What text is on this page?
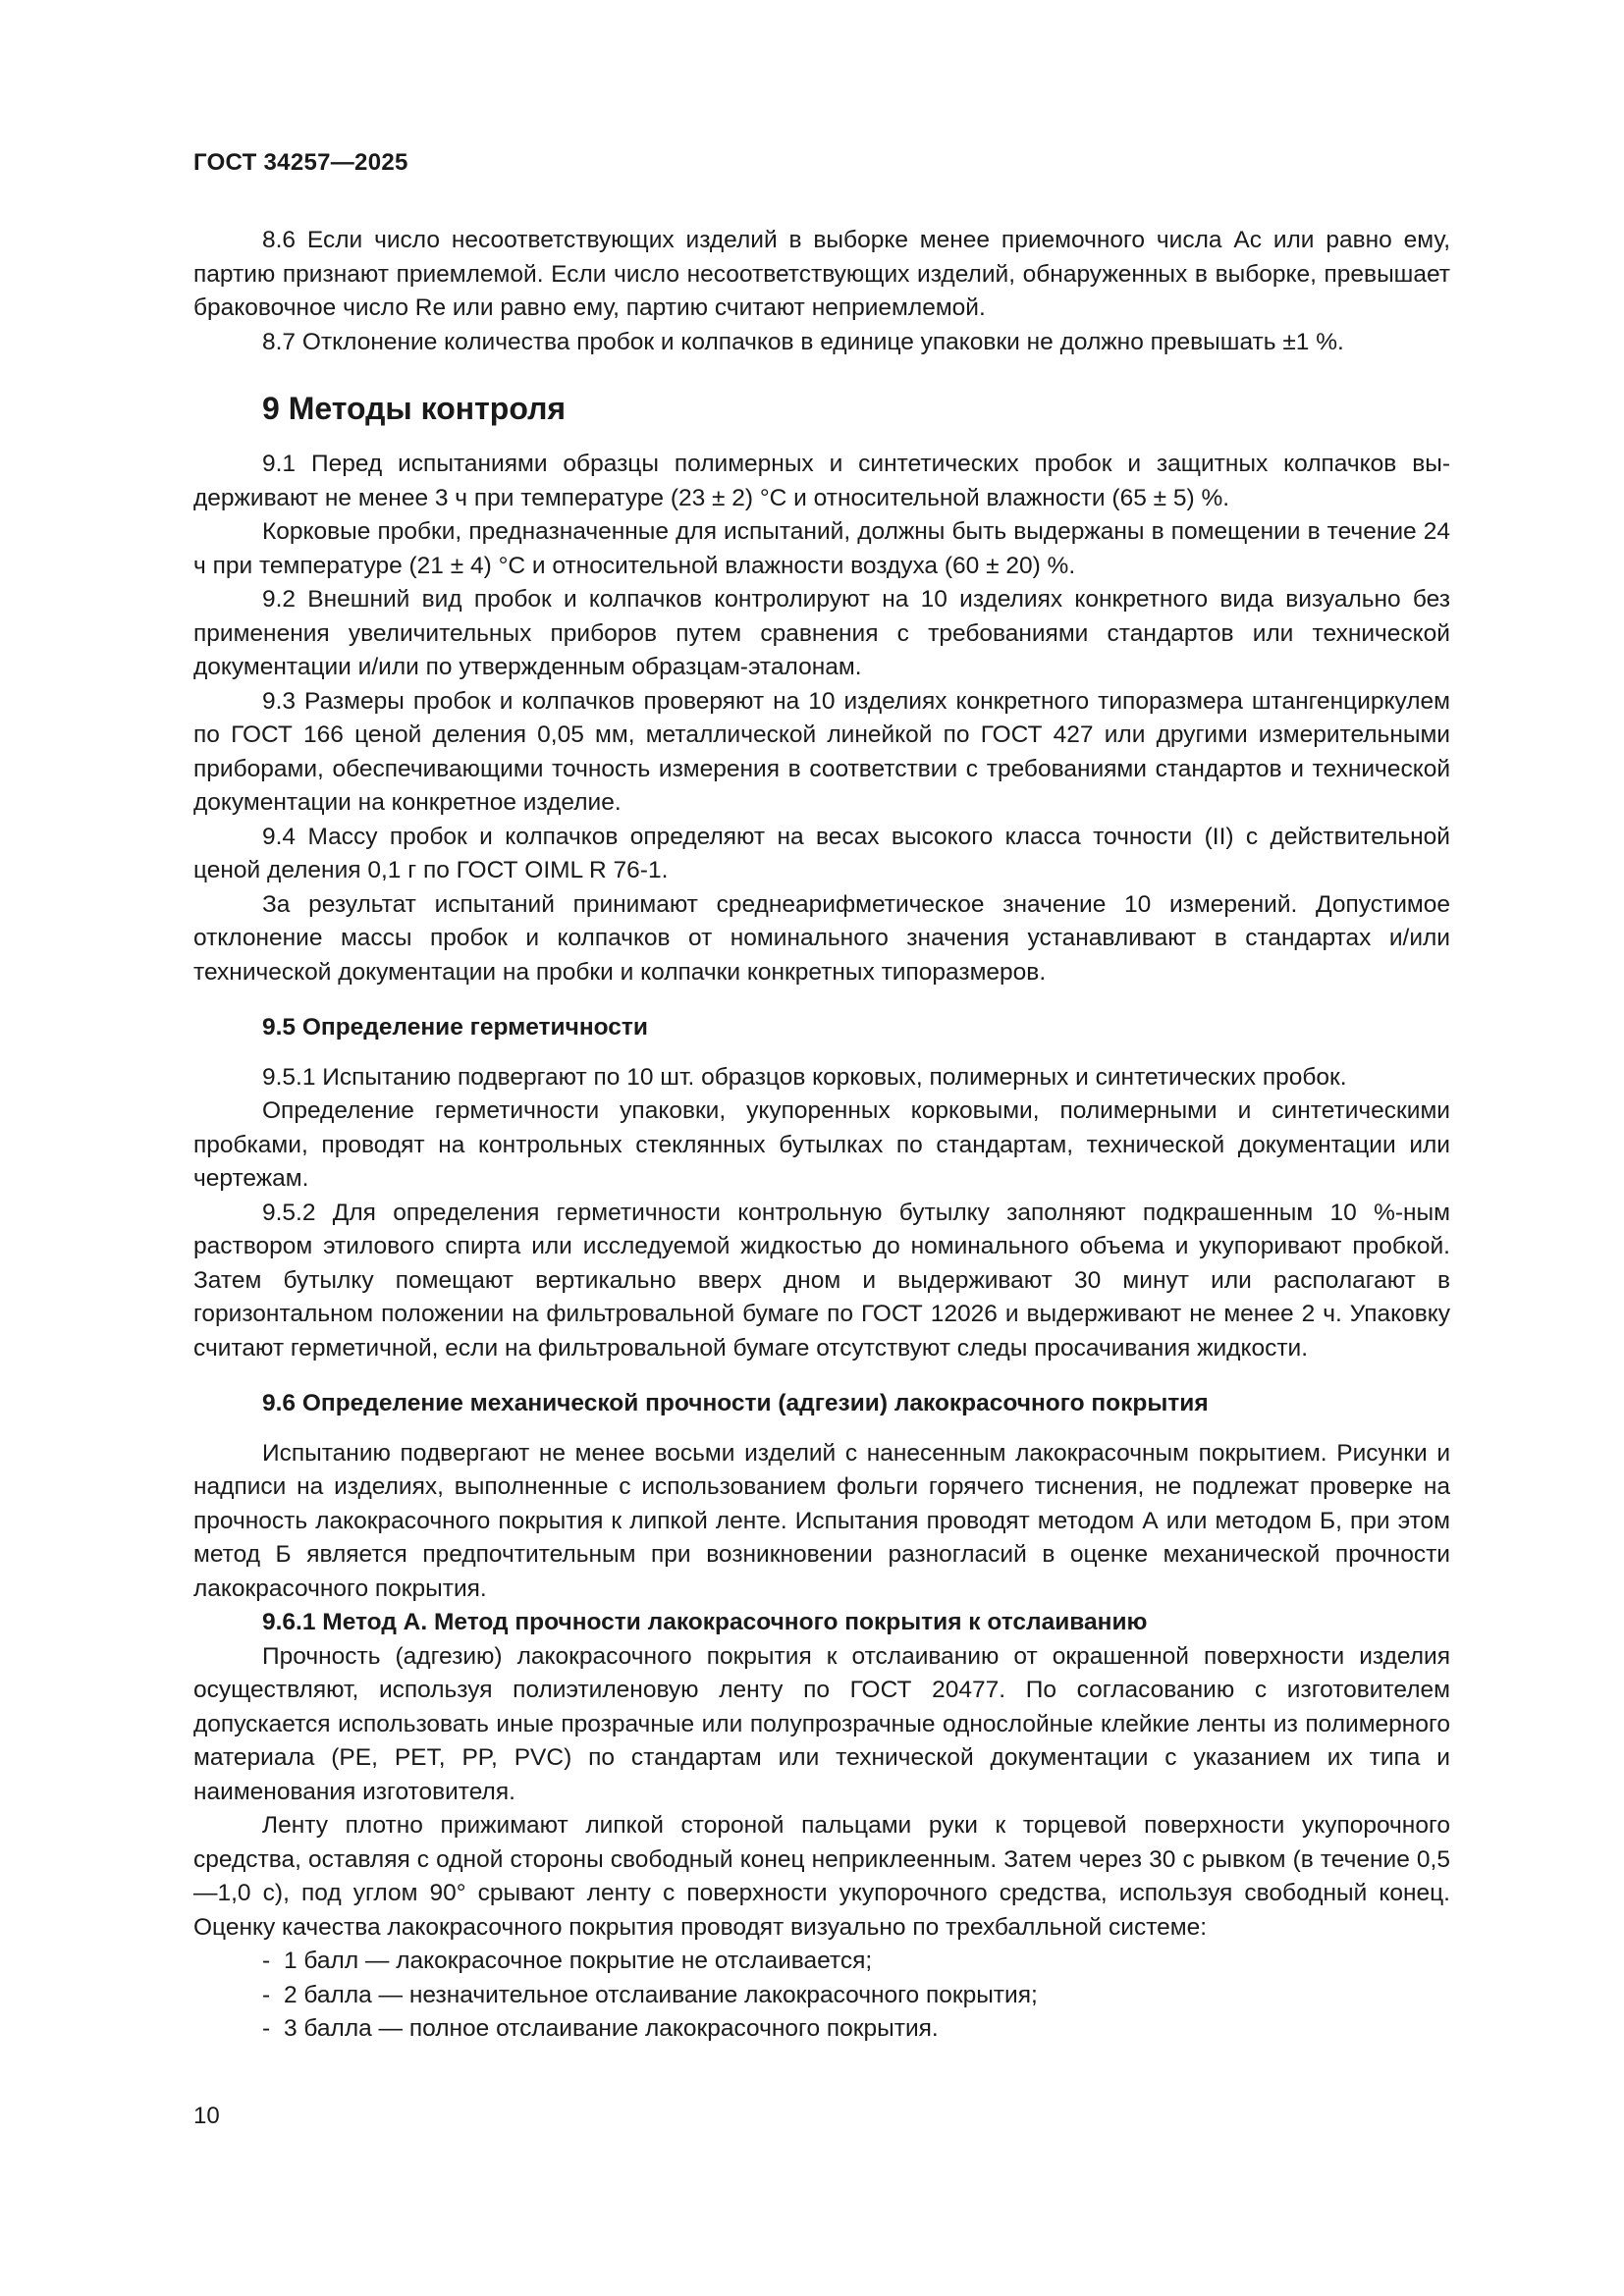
ГОСТ 34257—2025

8.6 Если число несоответствующих изделий в выборке менее приемочного числа Ac или равно ему, партию признают приемлемой. Если число несоответствующих изделий, обнаруженных в выборке, превышает браковочное число Re или равно ему, партию считают неприемлемой.

8.7 Отклонение количества пробок и колпачков в единице упаковки не должно превышать ±1 %.

9 Методы контроля

9.1 Перед испытаниями образцы полимерных и синтетических пробок и защитных колпачков выдерживают не менее 3 ч при температуре (23 ± 2) °C и относительной влажности (65 ± 5) %.

Корковые пробки, предназначенные для испытаний, должны быть выдержаны в помещении в течение 24 ч при температуре (21 ± 4) °C и относительной влажности воздуха (60 ± 20) %.

9.2 Внешний вид пробок и колпачков контролируют на 10 изделиях конкретного вида визуально без применения увеличительных приборов путем сравнения с требованиями стандартов или технической документации и/или по утвержденным образцам-эталонам.

9.3 Размеры пробок и колпачков проверяют на 10 изделиях конкретного типоразмера штангенциркулем по ГОСТ 166 ценой деления 0,05 мм, металлической линейкой по ГОСТ 427 или другими измерительными приборами, обеспечивающими точность измерения в соответствии с требованиями стандартов и технической документации на конкретное изделие.

9.4 Массу пробок и колпачков определяют на весах высокого класса точности (II) с действительной ценой деления 0,1 г по ГОСТ OIML R 76-1.

За результат испытаний принимают среднеарифметическое значение 10 измерений. Допустимое отклонение массы пробок и колпачков от номинального значения устанавливают в стандартах и/или технической документации на пробки и колпачки конкретных типоразмеров.

9.5 Определение герметичности

9.5.1 Испытанию подвергают по 10 шт. образцов корковых, полимерных и синтетических пробок.

Определение герметичности упаковки, укупоренных корковыми, полимерными и синтетическими пробками, проводят на контрольных стеклянных бутылках по стандартам, технической документации или чертежам.

9.5.2 Для определения герметичности контрольную бутылку заполняют подкрашенным 10 %-ным раствором этилового спирта или исследуемой жидкостью до номинального объема и укупоривают пробкой. Затем бутылку помещают вертикально вверх дном и выдерживают 30 минут или располагают в горизонтальном положении на фильтровальной бумаге по ГОСТ 12026 и выдерживают не менее 2 ч. Упаковку считают герметичной, если на фильтровальной бумаге отсутствуют следы просачивания жидкости.

9.6 Определение механической прочности (адгезии) лакокрасочного покрытия

Испытанию подвергают не менее восьми изделий с нанесенным лакокрасочным покрытием. Рисунки и надписи на изделиях, выполненные с использованием фольги горячего тиснения, не подлежат проверке на прочность лакокрасочного покрытия к липкой ленте. Испытания проводят методом А или методом Б, при этом метод Б является предпочтительным при возникновении разногласий в оценке механической прочности лакокрасочного покрытия.

9.6.1 Метод А. Метод прочности лакокрасочного покрытия к отслаиванию

Прочность (адгезию) лакокрасочного покрытия к отслаиванию от окрашенной поверхности изделия осуществляют, используя полиэтиленовую ленту по ГОСТ 20477. По согласованию с изготовителем допускается использовать иные прозрачные или полупрозрачные однослойные клейкие ленты из полимерного материала (PE, PET, PP, PVC) по стандартам или технической документации с указанием их типа и наименования изготовителя.

Ленту плотно прижимают липкой стороной пальцами руки к торцевой поверхности укупорочного средства, оставляя с одной стороны свободный конец неприклеенным. Затем через 30 с рывком (в течение 0,5—1,0 с), под углом 90° срывают ленту с поверхности укупорочного средства, используя свободный конец. Оценку качества лакокрасочного покрытия проводят визуально по трехбалльной системе:

- 1 балл — лакокрасочное покрытие не отслаивается;
- 2 балла — незначительное отслаивание лакокрасочного покрытия;
- 3 балла — полное отслаивание лакокрасочного покрытия.

10
